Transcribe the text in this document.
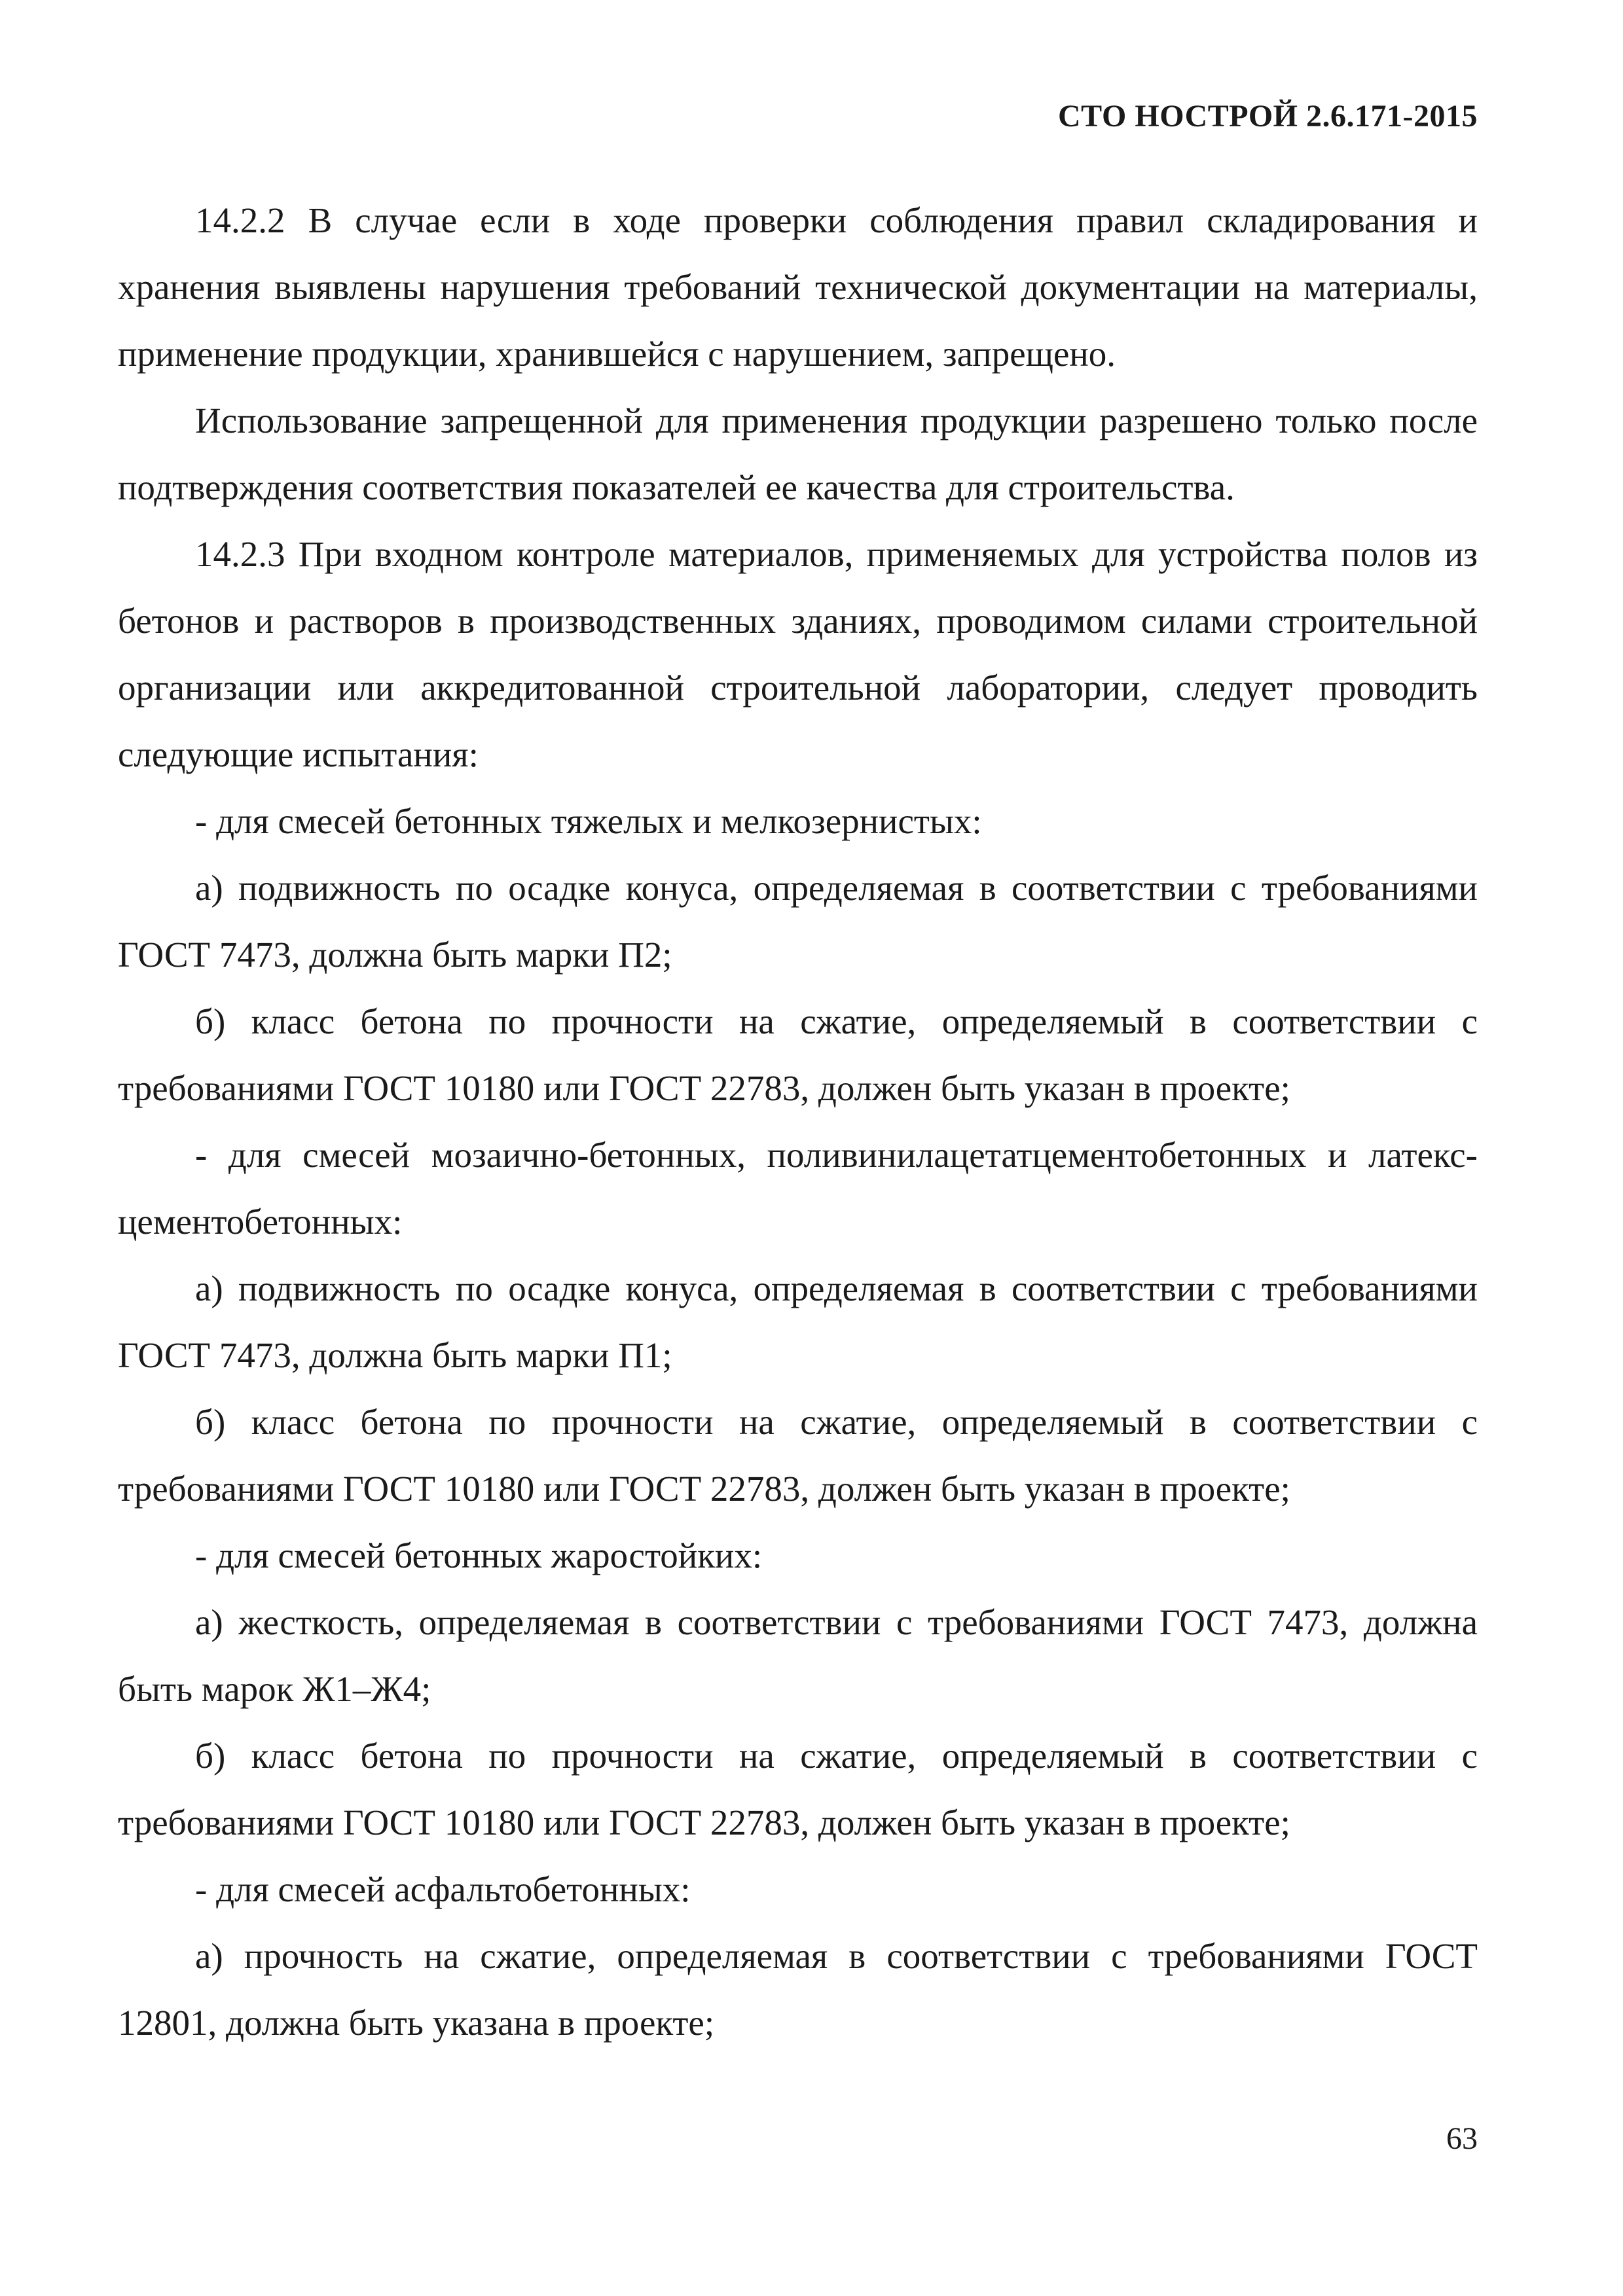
СТО НОСТРОЙ 2.6.171-2015

14.2.2 В случае если в ходе проверки соблюдения правил складирования и хранения выявлены нарушения требований технической документации на материалы, применение продукции, хранившейся с нарушением, запрещено.

Использование запрещенной для применения продукции разрешено только после подтверждения соответствия показателей ее качества для строительства.

14.2.3 При входном контроле материалов, применяемых для устройства полов из бетонов и растворов в производственных зданиях, проводимом силами строительной организации или аккредитованной строительной лаборатории, следует проводить следующие испытания:

- для смесей бетонных тяжелых и мелкозернистых:

а) подвижность по осадке конуса, определяемая в соответствии с требованиями ГОСТ 7473, должна быть марки П2;

б) класс бетона по прочности на сжатие, определяемый в соответствии с требованиями ГОСТ 10180 или ГОСТ 22783, должен быть указан в проекте;

- для смесей мозаично-бетонных, поливинилацетатцементобетонных и латексцементобетонных:

а) подвижность по осадке конуса, определяемая в соответствии с требованиями ГОСТ 7473, должна быть марки П1;

б) класс бетона по прочности на сжатие, определяемый в соответствии с требованиями ГОСТ 10180 или ГОСТ 22783, должен быть указан в проекте;

- для смесей бетонных жаростойких:

а) жесткость, определяемая в соответствии с требованиями ГОСТ 7473, должна быть марок Ж1–Ж4;

б) класс бетона по прочности на сжатие, определяемый в соответствии с требованиями ГОСТ 10180 или ГОСТ 22783, должен быть указан в проекте;

- для смесей асфальтобетонных:

а) прочность на сжатие, определяемая в соответствии с требованиями ГОСТ 12801, должна быть указана в проекте;

63
